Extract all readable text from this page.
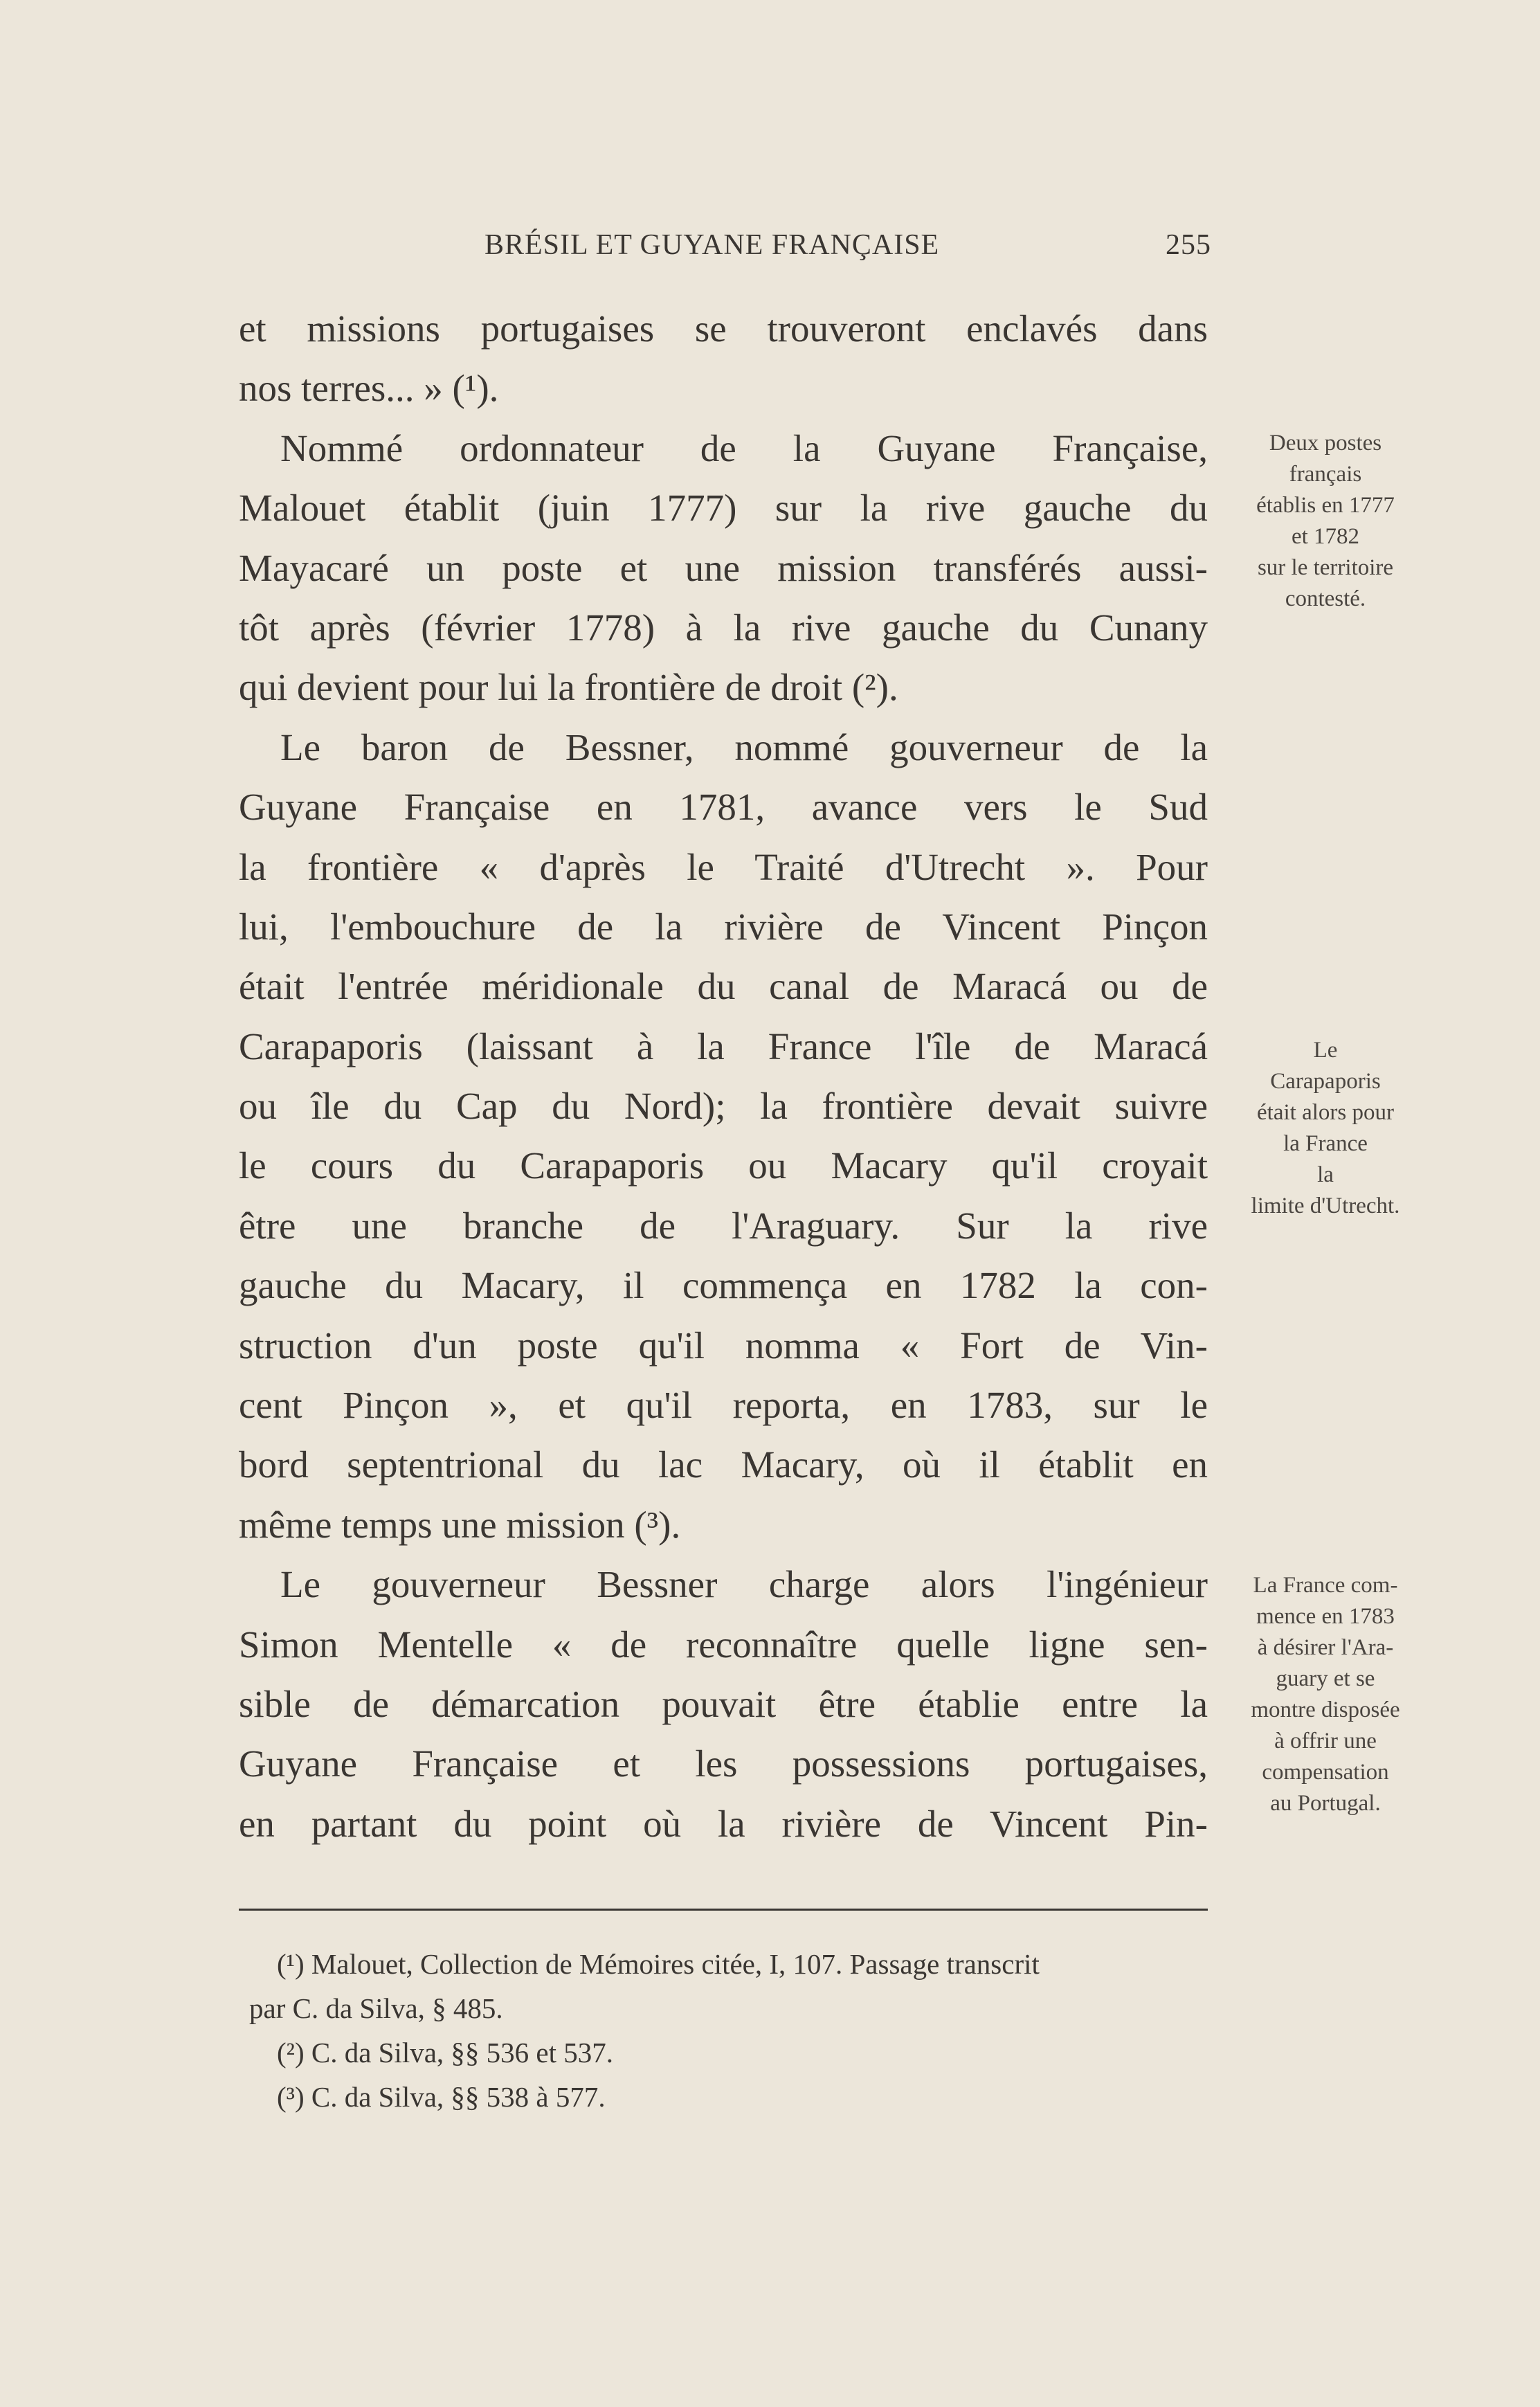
BRÉSIL ET GUYANE FRANÇAISE	255
et missions portugaises se trouveront enclavés dans
nos terres... » (¹).
Nommé ordonnateur de la Guyane Française,
Malouet établit (juin 1777) sur la rive gauche du
Mayacaré un poste et une mission transférés aussi-
tôt après (février 1778) à la rive gauche du Cunany
qui devient pour lui la frontière de droit (²).
Le baron de Bessner, nommé gouverneur de la
Guyane Française en 1781, avance vers le Sud
la frontière « d'après le Traité d'Utrecht ». Pour
lui, l'embouchure de la rivière de Vincent Pinçon
était l'entrée méridionale du canal de Maracá ou de
Carapaporis (laissant à la France l'île de Maracá
ou île du Cap du Nord); la frontière devait suivre
le cours du Carapaporis ou Macary qu'il croyait
être une branche de l'Araguary. Sur la rive
gauche du Macary, il commença en 1782 la con-
struction d'un poste qu'il nomma « Fort de Vin-
cent Pinçon », et qu'il reporta, en 1783, sur le
bord septentrional du lac Macary, où il établit en
même temps une mission (³).
Le gouverneur Bessner charge alors l'ingénieur
Simon Mentelle « de reconnaître quelle ligne sen-
sible de démarcation pouvait être établie entre la
Guyane Française et les possessions portugaises,
en partant du point où la rivière de Vincent Pin-
Deux postes
français
établis en 1777
et 1782
sur le territoire
contesté.
Le
Carapaporis
était alors pour
la France
la
limite d'Utrecht.
La France com-
mence en 1783
à désirer l'Ara-
guary et se
montre disposée
à offrir une
compensation
au Portugal.
(¹) Malouet, Collection de Mémoires citée, I, 107. Passage transcrit
par C. da Silva, § 485.
(²) C. da Silva, §§ 536 et 537.
(³) C. da Silva, §§ 538 à 577.
